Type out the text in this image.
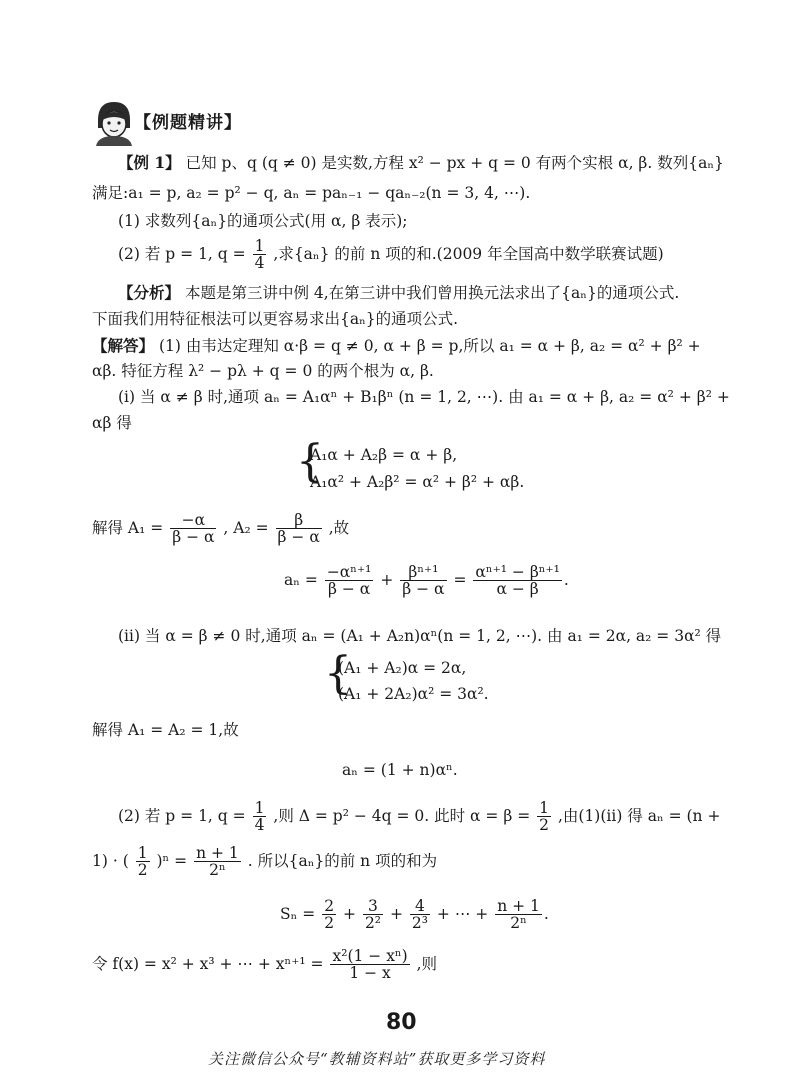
【例题精讲】
【例 1】 已知 p、q (q ≠ 0) 是实数,方程 x² − px + q = 0 有两个实根 α, β. 数列{aₙ}
满足:a₁ = p, a₂ = p² − q, aₙ = paₙ₋₁ − qaₙ₋₂(n = 3, 4, ⋯).
(1) 求数列{aₙ}的通项公式(用 α, β 表示);
(2) 若 p = 1, $q = \frac{1}{4}$ ,求{aₙ} 的前 n 项的和.(2009 年全国高中数学联赛试题)
【分析】 本题是第三讲中例 4,在第三讲中我们曾用换元法求出了{aₙ}的通项公式.
下面我们用特征根法可以更容易求出{aₙ}的通项公式.
【解答】 (1) 由韦达定理知 α·β = q ≠ 0, α + β = p,所以 a₁ = α + β, a₂ = α² + β² +
αβ. 特征方程 λ² − pλ + q = 0 的两个根为 α, β.
(ⅰ) 当 α ≠ β 时,通项 aₙ = A₁αⁿ + B₁βⁿ (n = 1, 2, ⋯). 由 a₁ = α + β, a₂ = α² + β² +
αβ 得
{
A₁α + A₂β = α + β,
A₁α² + A₂β² = α² + β² + αβ.
解得 $A_1 = \frac{-\alpha}{\beta - \alpha}$ , $A_2 = \frac{\beta}{\beta - \alpha}$ ,故
$a_n = \frac{\text{−αⁿ⁺¹}}{\beta - \alpha} + \frac{\text{βⁿ⁺¹}}{\beta - \alpha} = \frac{\text{αⁿ⁺¹ − βⁿ⁺¹}}{\alpha - \beta}$ .
(ⅱ) 当 α = β ≠ 0 时,通项 aₙ = (A₁ + A₂n)αⁿ(n = 1, 2, ⋯). 由 a₁ = 2α, a₂ = 3α² 得
{
(A₁ + A₂)α = 2α,
(A₁ + 2A₂)α² = 3α².
解得 A₁ = A₂ = 1,故
aₙ = (1 + n)αⁿ.
(2) 若 p = 1, $q = \frac{1}{4}$ ,则 Δ = p² − 4q = 0. 此时 $\alpha = \beta = \frac{1}{2}$ ,由(1)(ⅱ) 得 aₙ = (n +
1) · ( $\frac{1}{2} )^n = \frac{n + 1}{\text{2ⁿ}}$ . 所以{aₙ}的前 n 项的和为
$S_n = \frac{2}{2} + \frac{3}{\text{2²}} + \frac{4}{\text{2³}}$ + ⋯ + $\frac{n + 1}{\text{2ⁿ}}$ .
令 f(x) = x² + x³ + ⋯ + $x^{n+1} = \frac{\text{x²(1 − xⁿ)}}{1 - x}$ ,则
80
关注微信公众号“教辅资料站”获取更多学习资料
